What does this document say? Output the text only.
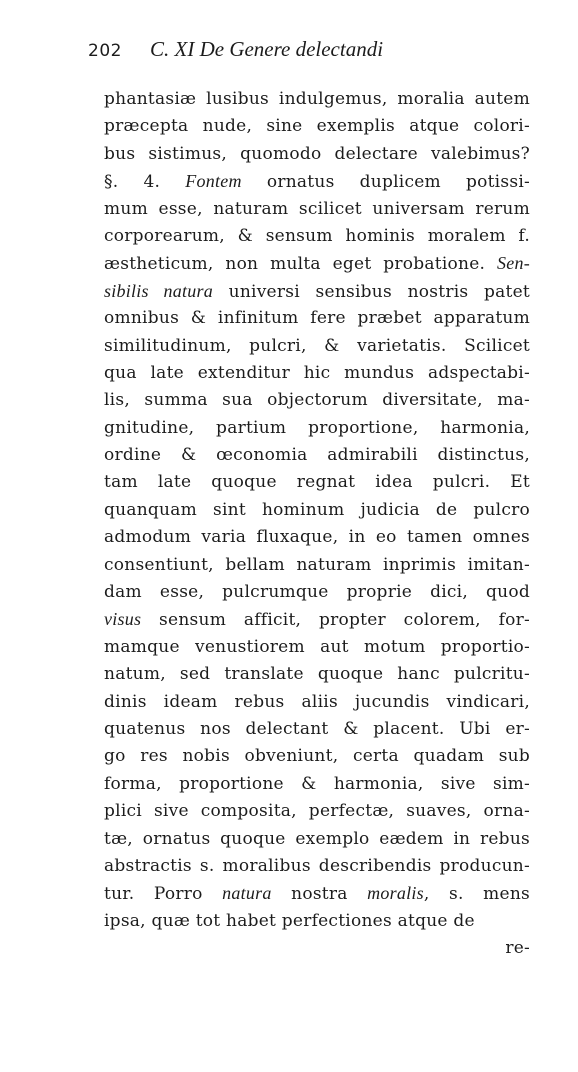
202 C. XI De Genere delectandi
phantasiæ lusibus indulgemus, moralia autem
præcepta nude, sine exemplis atque colori-
bus sistimus, quomodo delectare valebimus?
§. 4. Fontem ornatus duplicem potissi-
mum esse, naturam scilicet universam rerum
corporearum, & sensum hominis moralem f.
æstheticum, non multa eget probatione. Sen-
sibilis natura universi sensibus nostris patet
omnibus & infinitum fere præbet apparatum
similitudinum, pulcri, & varietatis. Scilicet
qua late extenditur hic mundus adspectabi-
lis, summa sua objectorum diversitate, ma-
gnitudine, partium proportione, harmonia,
ordine & œconomia admirabili distinctus,
tam late quoque regnat idea pulcri. Et
quanquam sint hominum judicia de pulcro
admodum varia fluxaque, in eo tamen omnes
consentiunt, bellam naturam inprimis imitan-
dam esse, pulcrumque proprie dici, quod
visus sensum afficit, propter colorem, for-
mamque venustiorem aut motum proportio-
natum, sed translate quoque hanc pulcritu-
dinis ideam rebus aliis jucundis vindicari,
quatenus nos delectant & placent. Ubi er-
go res nobis obveniunt, certa quadam sub
forma, proportione & harmonia, sive sim-
plici sive composita, perfectæ, suaves, orna-
tæ, ornatus quoque exemplo eædem in rebus
abstractis s. moralibus describendis producun-
tur. Porro natura nostra moralis, s. mens
ipsa, quæ tot habet perfectiones atque de
re-
